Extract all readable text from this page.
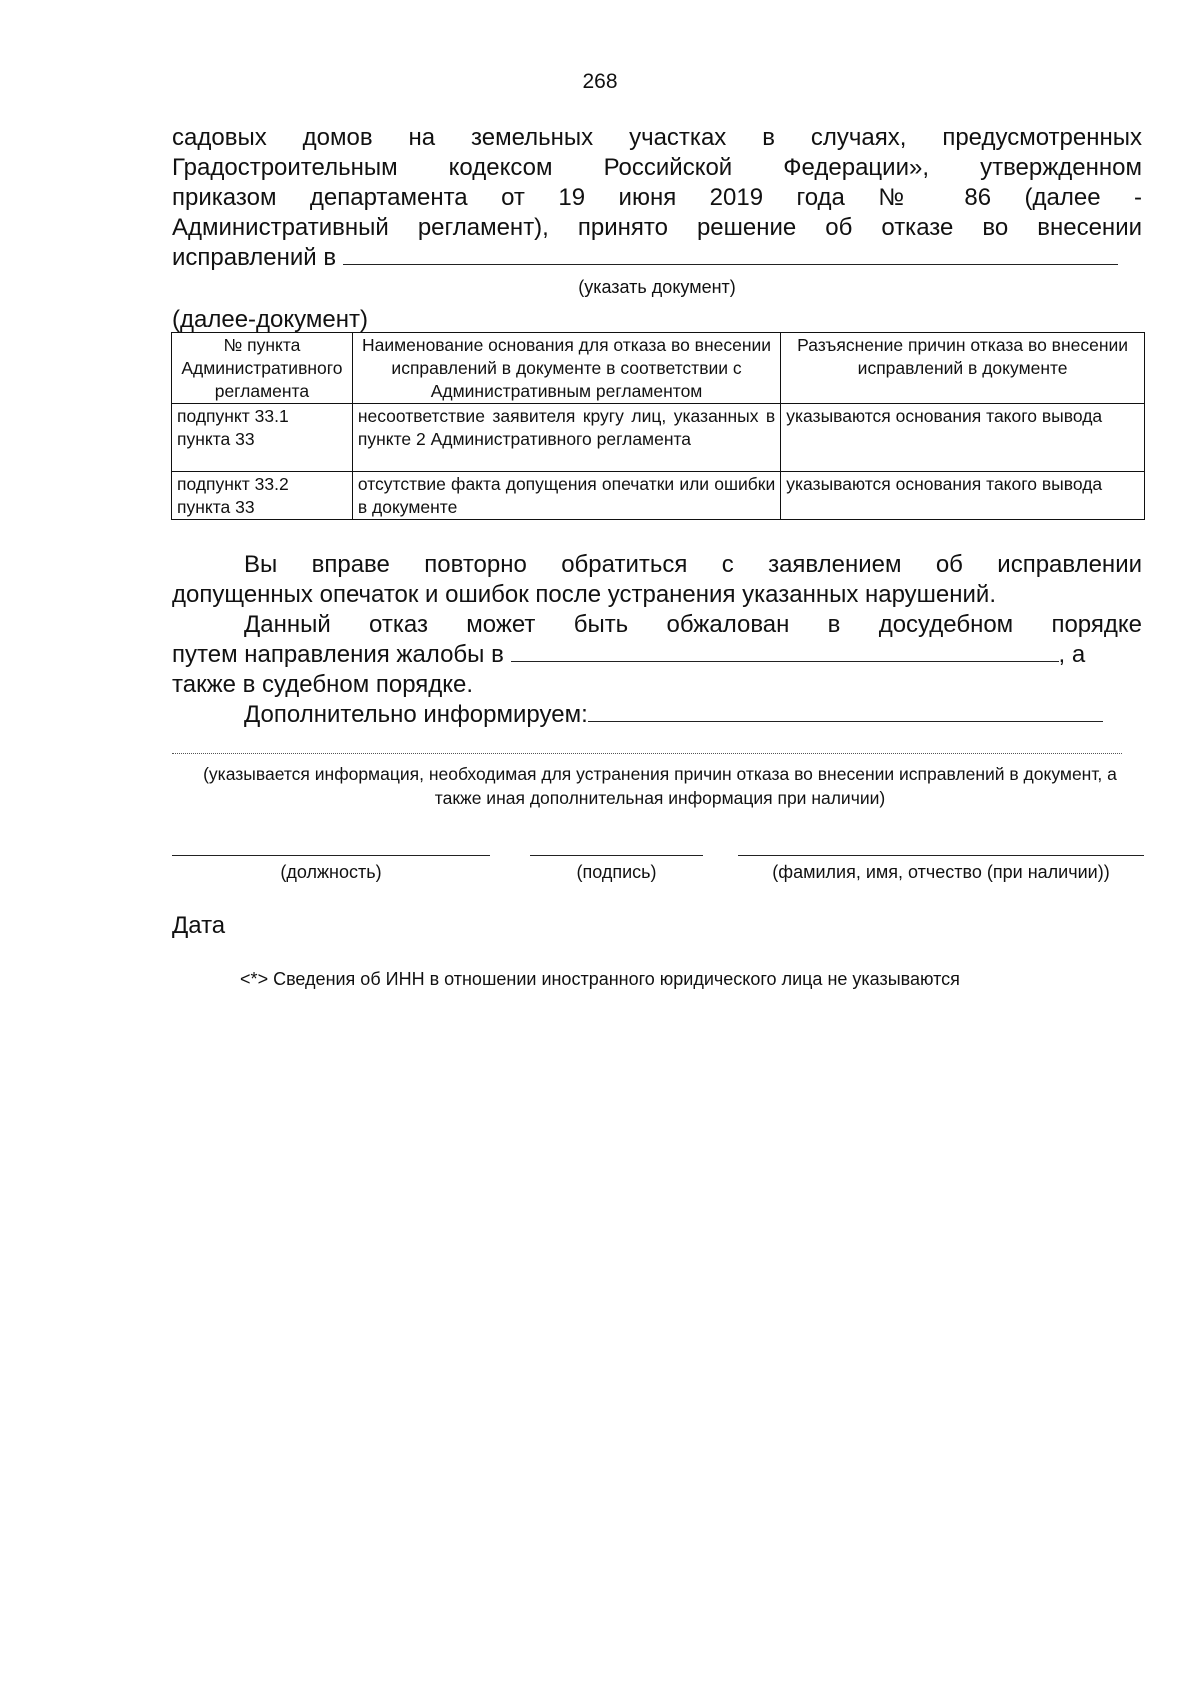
268
садовых домов на земельных участках в случаях, предусмотренных
Градостроительным кодексом Российской Федерации», утвержденном
приказом департамента от 19 июня 2019 года № 86 (далее -
Административный регламент), принято решение об отказе во внесении
исправлений в
(указать документ)
(далее-документ)
№ пункта Административного регламента	Наименование основания для отказа во внесении исправлений в документе в соответствии с Административным регламентом	Разъяснение причин отказа во внесении исправлений в документе
подпункт 33.1 пункта 33	несоответствие заявителя кругу лиц, указанных в пункте 2 Административного регламента	указываются основания такого вывода
подпункт 33.2 пункта 33	отсутствие факта допущения опечатки или ошибки в документе	указываются основания такого вывода
Вы вправе повторно обратиться с заявлением об исправлении
допущенных опечаток и ошибок после устранения указанных нарушений.
Данный отказ может быть обжалован в досудебном порядке
путем направления жалобы в	, а
также в судебном порядке.
Дополнительно информируем:
(указывается информация, необходимая для устранения причин отказа во внесении исправлений в документ, а также иная дополнительная информация при наличии)
(должность)	(подпись)	(фамилия, имя, отчество (при наличии))
Дата
<*> Сведения об ИНН в отношении иностранного юридического лица не указываются
